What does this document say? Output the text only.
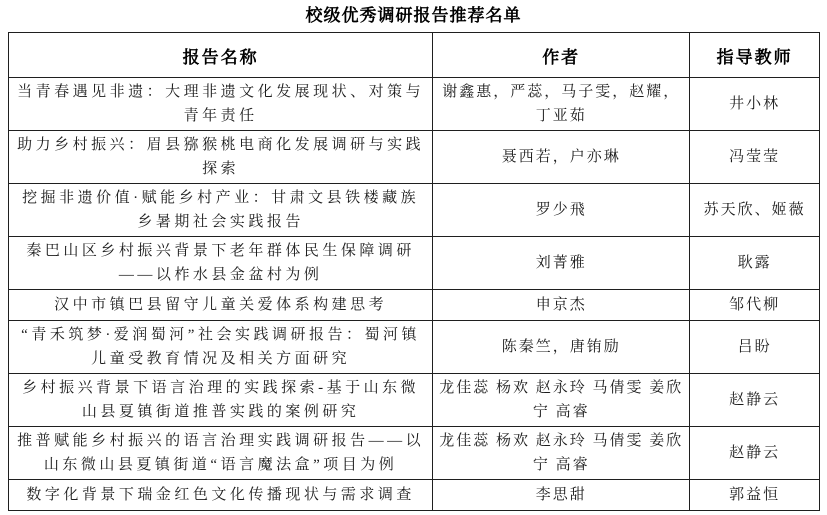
校级优秀调研报告推荐名单
报告名称	作者	指导教师
当青春遇见非遗：大理非遗文化发展现状、对策与青年责任	谢鑫惠，严蕊，马子雯，赵耀，丁亚茹	井小林
助力乡村振兴：眉县猕猴桃电商化发展调研与实践探索	聂西若，户亦琳	冯莹莹
挖掘非遗价值·赋能乡村产业：甘肃文县铁楼藏族乡暑期社会实践报告	罗少飛	苏天欣、姬薇
秦巴山区乡村振兴背景下老年群体民生保障调研——以柞水县金盆村为例	刘菁雅	耿露
汉中市镇巴县留守儿童关爱体系构建思考	申京杰	邹代柳
“青禾筑梦·爱润蜀河”社会实践调研报告：蜀河镇儿童受教育情况及相关方面研究	陈秦竺，唐铕励	吕盼
乡村振兴背景下语言治理的实践探索-基于山东微山县夏镇街道推普实践的案例研究	龙佳蕊 杨欢 赵永玲 马倩雯 姜欣宁 高睿	赵静云
推普赋能乡村振兴的语言治理实践调研报告——以山东微山县夏镇街道“语言魔法盒”项目为例	龙佳蕊 杨欢 赵永玲 马倩雯 姜欣宁 高睿	赵静云
数字化背景下瑞金红色文化传播现状与需求调查	李思甜	郭益恒
